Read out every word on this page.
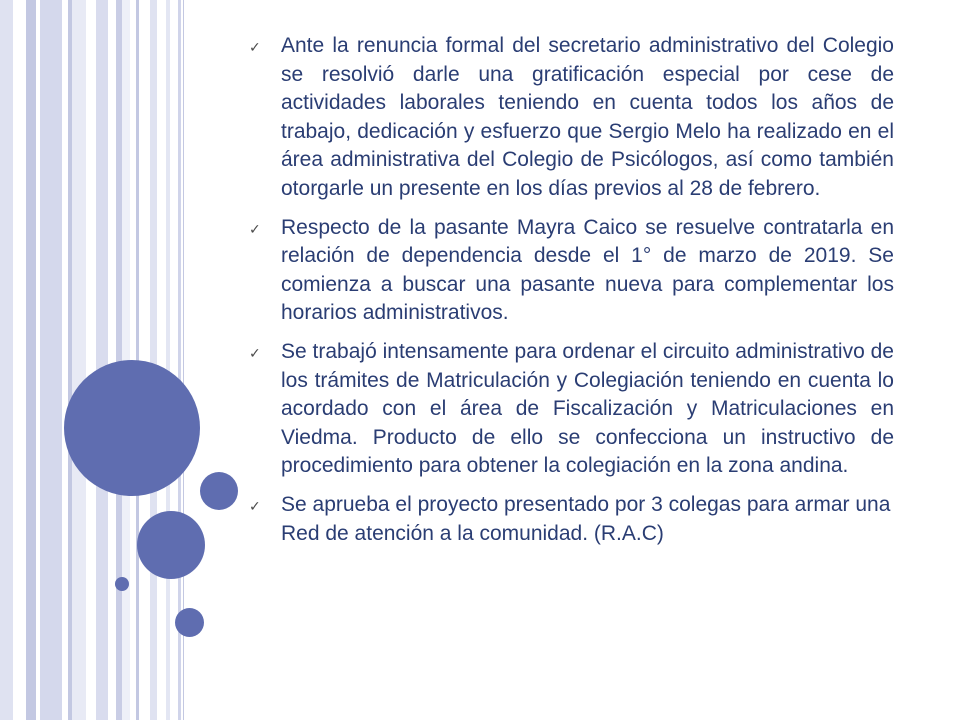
✓ Ante la renuncia formal del secretario administrativo del Colegio se resolvió darle una gratificación especial por cese de actividades laborales teniendo en cuenta todos los años de trabajo, dedicación y esfuerzo que Sergio Melo ha realizado en el área administrativa del Colegio de Psicólogos, así como también otorgarle un presente en los días previos al 28 de febrero.
✓ Respecto de la pasante Mayra Caico se resuelve contratarla en relación de dependencia desde el 1° de marzo de 2019. Se comienza a buscar una pasante nueva para complementar los horarios administrativos.
✓ Se trabajó intensamente para ordenar el circuito administrativo de los trámites de Matriculación y Colegiación teniendo en cuenta lo acordado con el área de Fiscalización y Matriculaciones en Viedma. Producto de ello se confecciona un instructivo de procedimiento para obtener la colegiación en la zona andina.
✓ Se aprueba el proyecto presentado por 3 colegas para armar una Red de atención a la comunidad. (R.A.C)
